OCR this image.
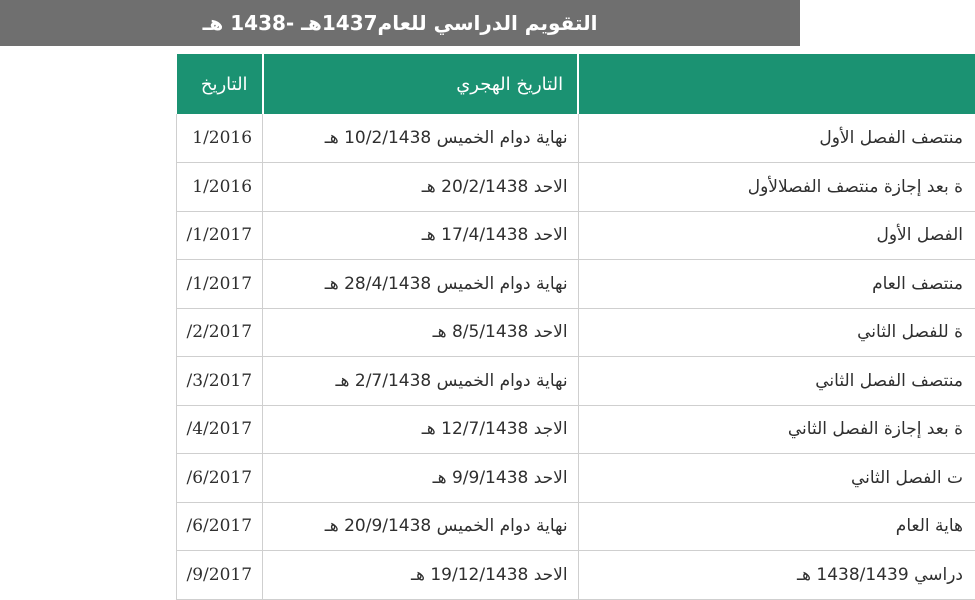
التقويم الدراسي للعام1437هـ -1438 هـ
	التاريخ الهجري	التاريخ
منتصف الفصل الأول	نهاية دوام الخميس 10/2/1438 هـ	1/2016
ة بعد إجازة منتصف الفصلالأول	الاحد 20/2/1438 هـ	1/2016
الفصل الأول	الاحد 17/4/1438 هـ	/1/2017
منتصف العام	نهاية دوام الخميس 28/4/1438 هـ	/1/2017
ة للفصل الثاني	الاحد 8/5/1438 هـ	/2/2017
منتصف الفصل الثاني	نهاية دوام الخميس 2/7/1438 هـ	/3/2017
ة بعد إجازة الفصل الثاني	الاجد 12/7/1438 هـ	/4/2017
ت الفصل الثاني	الاحد 9/9/1438 هـ	/6/2017
هاية العام	نهاية دوام الخميس 20/9/1438 هـ	/6/2017
دراسي 1438/1439 هـ	الاحد 19/12/1438 هـ	/9/2017
